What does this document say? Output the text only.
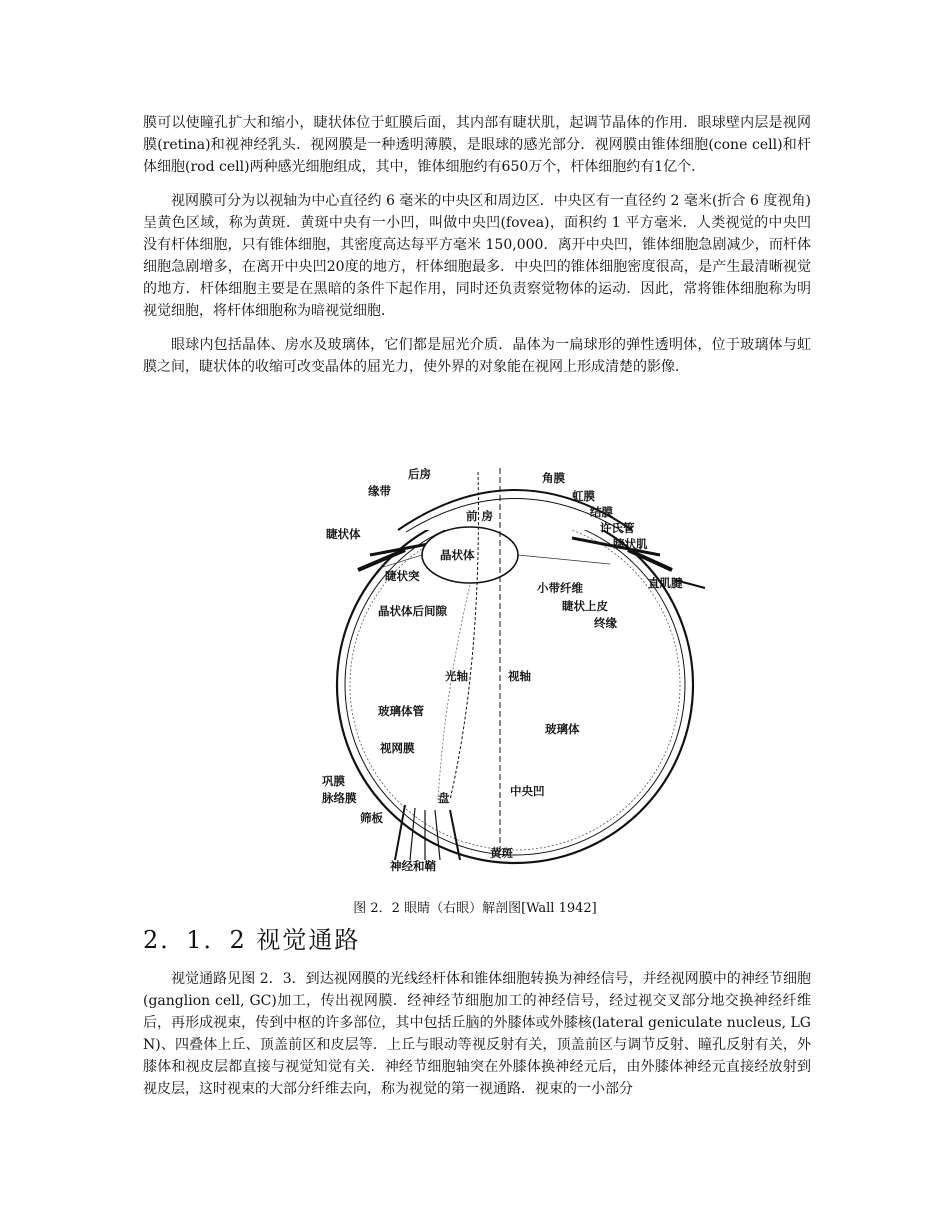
膜可以使瞳孔扩大和缩小，睫状体位于虹膜后面，其内部有睫状肌，起调节晶体的作用．眼球壁内层是视网膜(retina)和视神经乳头．视网膜是一种透明薄膜，是眼球的感光部分．视网膜由锥体细胞(cone cell)和杆体细胞(rod cell)两种感光细胞组成，其中，锥体细胞约有650万个，杆体细胞约有1亿个．

视网膜可分为以视轴为中心直径约 6 毫米的中央区和周边区．中央区有一直径约 2 毫米(折合 6 度视角)呈黄色区域，称为黄斑．黄斑中央有一小凹，叫做中央凹(fovea)，面积约 1 平方毫米．人类视觉的中央凹没有杆体细胞，只有锥体细胞，其密度高达每平方毫米 150,000．离开中央凹，锥体细胞急剧减少，而杆体细胞急剧增多，在离开中央凹20度的地方，杆体细胞最多．中央凹的锥体细胞密度很高，是产生最清晰视觉的地方．杆体细胞主要是在黑暗的条件下起作用，同时还负责察觉物体的运动．因此，常将锥体细胞称为明视觉细胞，将杆体细胞称为暗视觉细胞．

眼球内包括晶体、房水及玻璃体，它们都是屈光介质．晶体为一扁球形的弹性透明体，位于玻璃体与虹膜之间，睫状体的收缩可改变晶体的屈光力，使外界的对象能在视网上形成清楚的影像．

后房
缘带
角膜
虹膜
结膜
许氏管
睫状体
前 房
睫状肌
晶状体
睫状突
小带纤维	直肌腱
睫状上皮
晶状体后间隙
终缘
光轴	视轴
玻璃体管
玻璃体
视网膜
巩膜
脉络膜	盘	中央凹
筛板
黄斑
神经和鞘
图 2．2 眼睛（右眼）解剖图[Wall 1942]
2．1．2 视觉通路

视觉通路见图 2．3．到达视网膜的光线经杆体和锥体细胞转换为神经信号，并经视网膜中的神经节细胞(ganglion cell, GC)加工，传出视网膜．经神经节细胞加工的神经信号，经过视交叉部分地交换神经纤维后，再形成视束，传到中枢的许多部位，其中包括丘脑的外膝体或外膝核(lateral geniculate nucleus, LGN)、四叠体上丘、顶盖前区和皮层等．上丘与眼动等视反射有关，顶盖前区与调节反射、瞳孔反射有关，外膝体和视皮层都直接与视觉知觉有关．神经节细胞轴突在外膝体换神经元后，由外膝体神经元直接经放射到视皮层，这时视束的大部分纤维去向，称为视觉的第一视通路．视束的一小部分
